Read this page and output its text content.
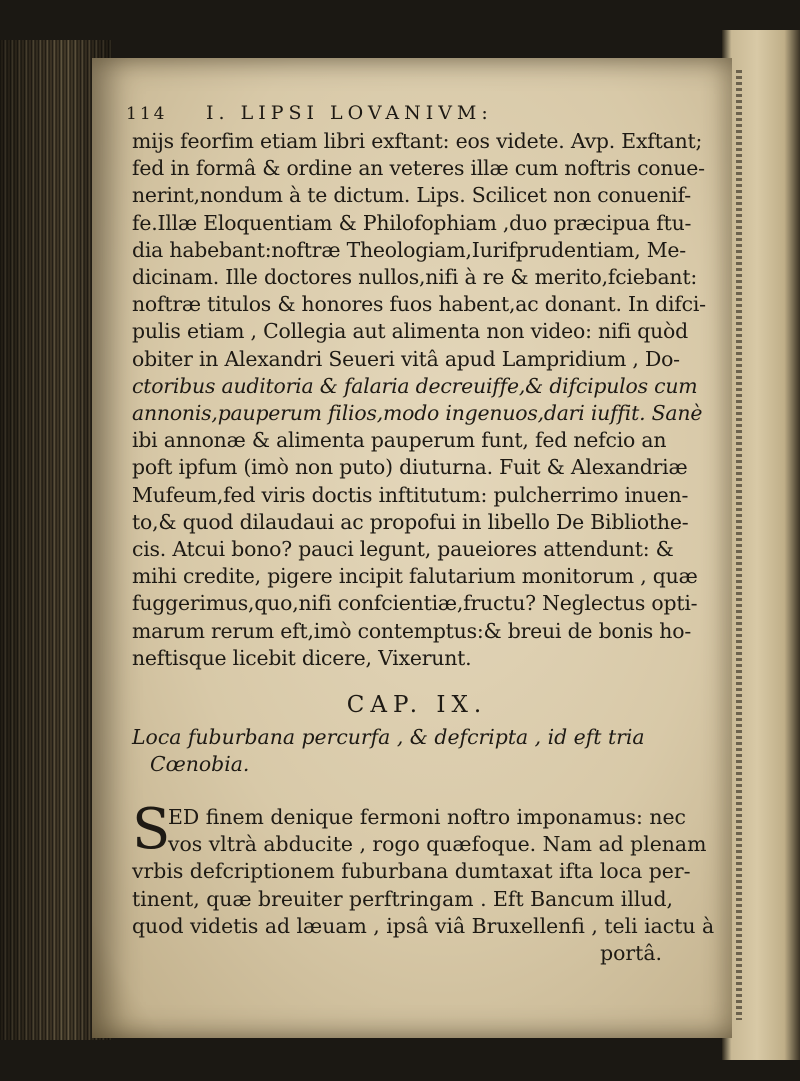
114	I. LIPSI LOVANIVM:
mijs feorfim etiam libri exftant: eos videte. Avp. Exftant;
fed in formâ & ordine an veteres illæ cum noftris conue-
nerint,nondum à te dictum. Lips. Scilicet non conuenif-
fe.Illæ Eloquentiam & Philofophiam ,duo præcipua ftu-
dia habebant:noftræ Theologiam,Iurifprudentiam, Me-
dicinam. Ille doctores nullos,nifi à re & merito,fciebant:
noftræ titulos & honores fuos habent,ac donant. In difci-
pulis etiam , Collegia aut alimenta non video: nifi quòd
obiter in Alexandri Seueri vitâ apud Lampridium , Do-
ctoribus auditoria & falaria decreuiffe,& difcipulos cum
annonis,pauperum filios,modo ingenuos,dari iuffit. Sanè
ibi annonæ & alimenta pauperum funt, fed nefcio an
poft ipfum (imò non puto) diuturna. Fuit & Alexandriæ
Mufeum,fed viris doctis inftitutum: pulcherrimo inuen-
to,& quod dilaudaui ac propofui in libello De Bibliothe-
cis. Atcui bono? pauci legunt, paueiores attendunt: &
mihi credite, pigere incipit falutarium monitorum , quæ
fuggerimus,quo,nifi confcientiæ,fructu? Neglectus opti-
marum rerum eft,imò contemptus:& breui de bonis ho-
neftisque licebit dicere, Vixerunt.
CAP. IX.
Loca fuburbana percurfa , & defcripta , id eft tria
Cœnobia.
S
ED finem denique fermoni noftro imponamus: nec
vos vltrà abducite , rogo quæfoque. Nam ad plenam
vrbis defcriptionem fuburbana dumtaxat ifta loca per-
tinent, quæ breuiter perftringam . Eft Bancum illud,
quod videtis ad læuam , ipsâ viâ Bruxellenfi , teli iactu à
portâ.
